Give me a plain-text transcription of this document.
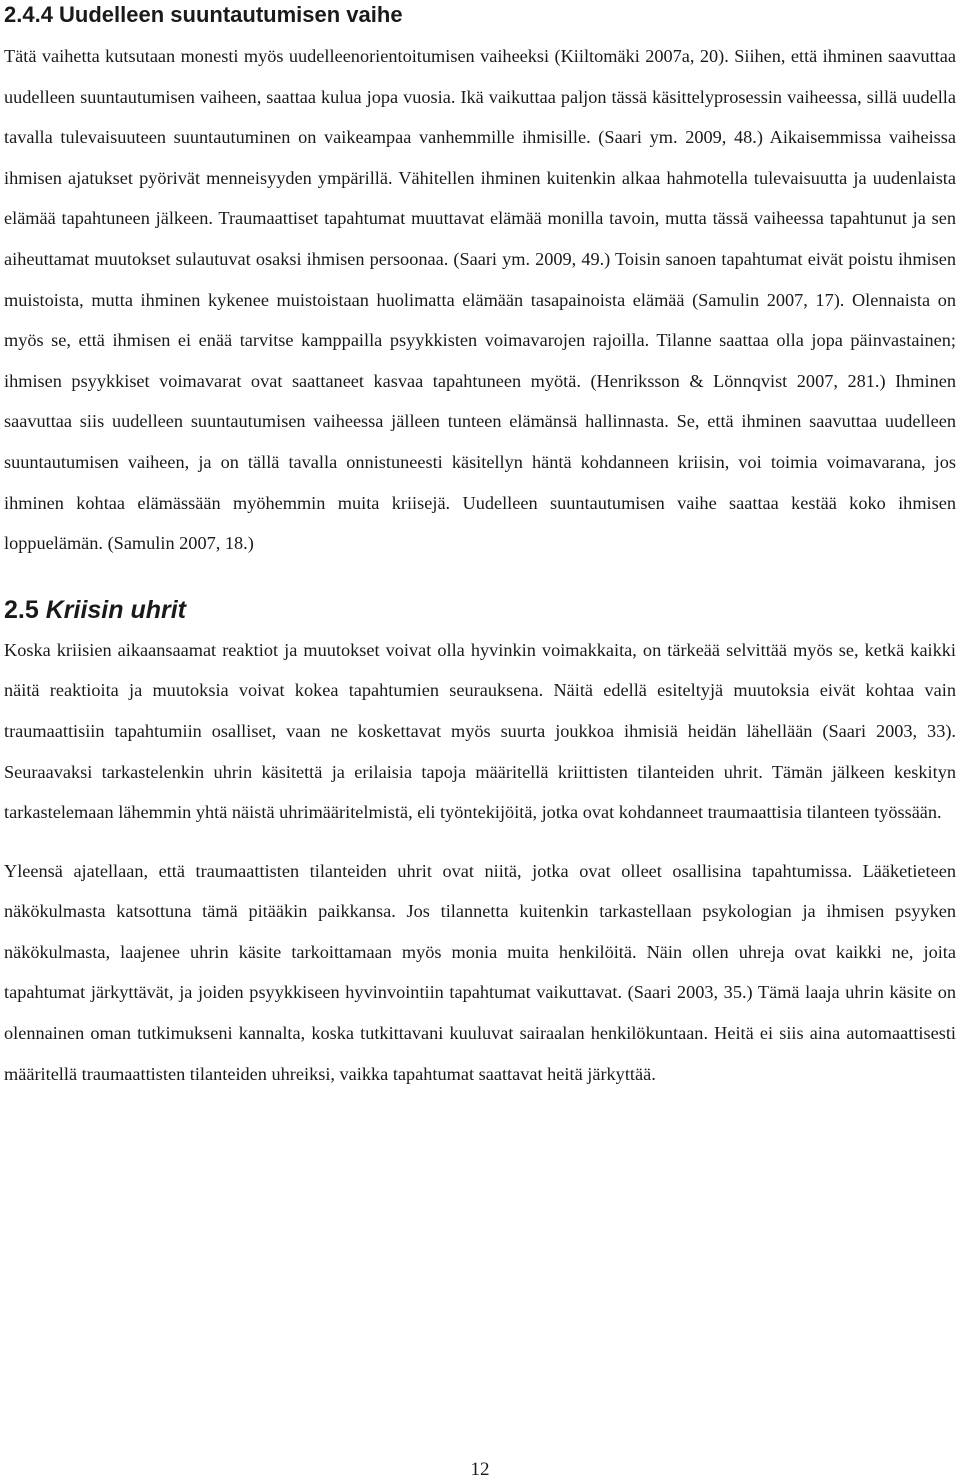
2.4.4 Uudelleen suuntautumisen vaihe

Tätä vaihetta kutsutaan monesti myös uudelleenorientoitumisen vaiheeksi (Kiiltomäki 2007a, 20). Siihen, että ihminen saavuttaa uudelleen suuntautumisen vaiheen, saattaa kulua jopa vuosia. Ikä vaikuttaa paljon tässä käsittelyprosessin vaiheessa, sillä uudella tavalla tulevaisuuteen suuntautuminen on vaikeampaa vanhemmille ihmisille. (Saari ym. 2009, 48.) Aikaisemmissa vaiheissa ihmisen ajatukset pyörivät menneisyyden ympärillä. Vähitellen ihminen kuitenkin alkaa hahmotella tulevaisuutta ja uudenlaista elämää tapahtuneen jälkeen. Traumaattiset tapahtumat muuttavat elämää monilla tavoin, mutta tässä vaiheessa tapahtunut ja sen aiheuttamat muutokset sulautuvat osaksi ihmisen persoonaa. (Saari ym. 2009, 49.) Toisin sanoen tapahtumat eivät poistu ihmisen muistoista, mutta ihminen kykenee muistoistaan huolimatta elämään tasapainoista elämää (Samulin 2007, 17). Olennaista on myös se, että ihmisen ei enää tarvitse kamppailla psyykkisten voimavarojen rajoilla. Tilanne saattaa olla jopa päinvastainen; ihmisen psyykkiset voimavarat ovat saattaneet kasvaa tapahtuneen myötä. (Henriksson & Lönnqvist 2007, 281.) Ihminen saavuttaa siis uudelleen suuntautumisen vaiheessa jälleen tunteen elämänsä hallinnasta. Se, että ihminen saavuttaa uudelleen suuntautumisen vaiheen, ja on tällä tavalla onnistuneesti käsitellyn häntä kohdanneen kriisin, voi toimia voimavarana, jos ihminen kohtaa elämässään myöhemmin muita kriisejä. Uudelleen suuntautumisen vaihe saattaa kestää koko ihmisen loppuelämän. (Samulin 2007, 18.)

2.5 Kriisin uhrit

Koska kriisien aikaansaamat reaktiot ja muutokset voivat olla hyvinkin voimakkaita, on tärkeää selvittää myös se, ketkä kaikki näitä reaktioita ja muutoksia voivat kokea tapahtumien seurauksena. Näitä edellä esiteltyjä muutoksia eivät kohtaa vain traumaattisiin tapahtumiin osalliset, vaan ne koskettavat myös suurta joukkoa ihmisiä heidän lähellään (Saari 2003, 33). Seuraavaksi tarkastelenkin uhrin käsitettä ja erilaisia tapoja määritellä kriittisten tilanteiden uhrit. Tämän jälkeen keskityn tarkastelemaan lähemmin yhtä näistä uhrimääritelmistä, eli työntekijöitä, jotka ovat kohdanneet traumaattisia tilanteen työssään.

Yleensä ajatellaan, että traumaattisten tilanteiden uhrit ovat niitä, jotka ovat olleet osallisina tapahtumissa. Lääketieteen näkökulmasta katsottuna tämä pitääkin paikkansa. Jos tilannetta kuitenkin tarkastellaan psykologian ja ihmisen psyyken näkökulmasta, laajenee uhrin käsite tarkoittamaan myös monia muita henkilöitä. Näin ollen uhreja ovat kaikki ne, joita tapahtumat järkyttävät, ja joiden psyykkiseen hyvinvointiin tapahtumat vaikuttavat. (Saari 2003, 35.) Tämä laaja uhrin käsite on olennainen oman tutkimukseni kannalta, koska tutkittavani kuuluvat sairaalan henkilökuntaan. Heitä ei siis aina automaattisesti määritellä traumaattisten tilanteiden uhreiksi, vaikka tapahtumat saattavat heitä järkyttää.

12
